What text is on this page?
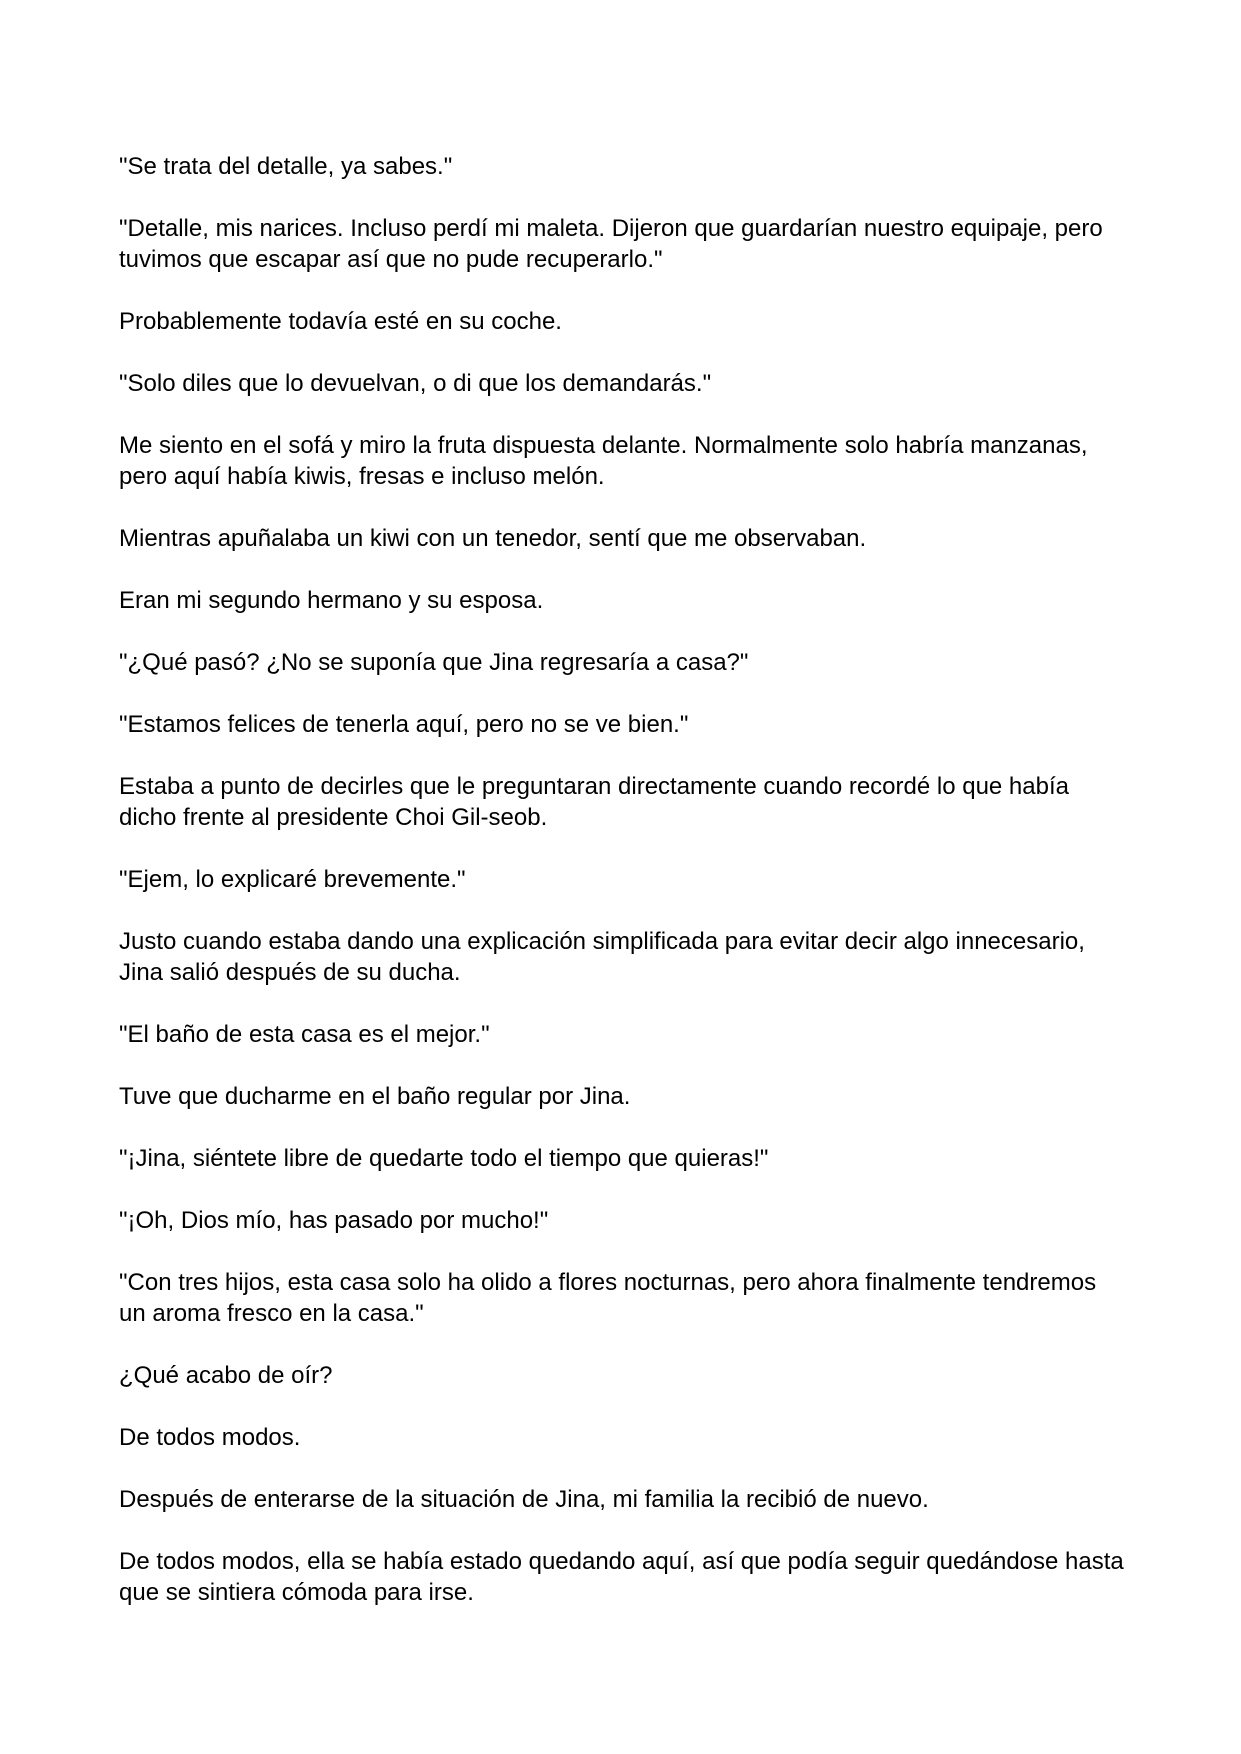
"Se trata del detalle, ya sabes."

"Detalle, mis narices. Incluso perdí mi maleta. Dijeron que guardarían nuestro equipaje, pero tuvimos que escapar así que no pude recuperarlo."

Probablemente todavía esté en su coche.

"Solo diles que lo devuelvan, o di que los demandarás."

Me siento en el sofá y miro la fruta dispuesta delante. Normalmente solo habría manzanas, pero aquí había kiwis, fresas e incluso melón.

Mientras apuñalaba un kiwi con un tenedor, sentí que me observaban.

Eran mi segundo hermano y su esposa.

"¿Qué pasó? ¿No se suponía que Jina regresaría a casa?"

"Estamos felices de tenerla aquí, pero no se ve bien."

Estaba a punto de decirles que le preguntaran directamente cuando recordé lo que había dicho frente al presidente Choi Gil-seob.

"Ejem, lo explicaré brevemente."

Justo cuando estaba dando una explicación simplificada para evitar decir algo innecesario, Jina salió después de su ducha.

"El baño de esta casa es el mejor."

Tuve que ducharme en el baño regular por Jina.

"¡Jina, siéntete libre de quedarte todo el tiempo que quieras!"

"¡Oh, Dios mío, has pasado por mucho!"

"Con tres hijos, esta casa solo ha olido a flores nocturnas, pero ahora finalmente tendremos un aroma fresco en la casa."

¿Qué acabo de oír?

De todos modos.

Después de enterarse de la situación de Jina, mi familia la recibió de nuevo.

De todos modos, ella se había estado quedando aquí, así que podía seguir quedándose hasta que se sintiera cómoda para irse.
